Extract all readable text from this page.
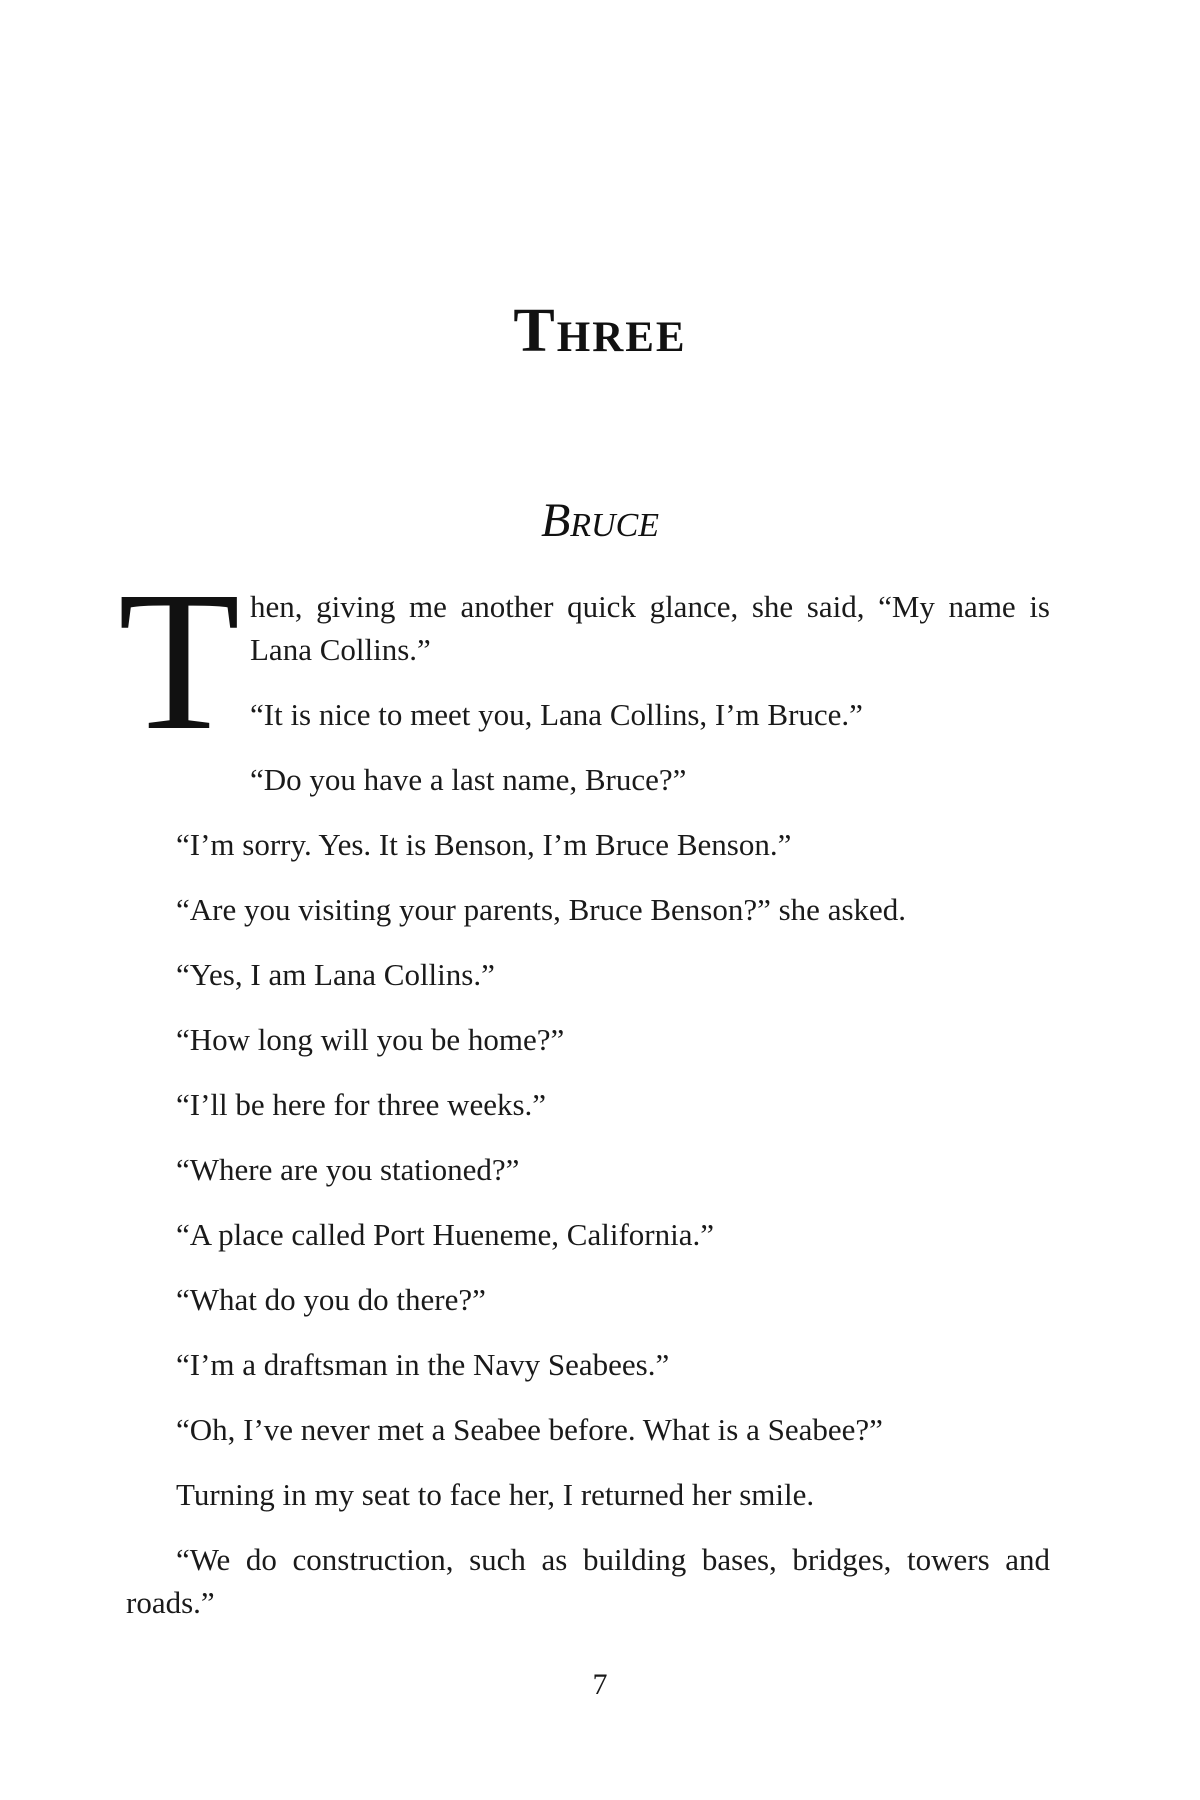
Three
Bruce
T hen, giving me another quick glance, she said, “My name is Lana Collins.”

“It is nice to meet you, Lana Collins, I’m Bruce.”

“Do you have a last name, Bruce?”

“I’m sorry. Yes. It is Benson, I’m Bruce Benson.”

“Are you visiting your parents, Bruce Benson?” she asked.

“Yes, I am Lana Collins.”

“How long will you be home?”

“I’ll be here for three weeks.”

“Where are you stationed?”

“A place called Port Hueneme, California.”

“What do you do there?”

“I’m a draftsman in the Navy Seabees.”

“Oh, I’ve never met a Seabee before. What is a Seabee?”

Turning in my seat to face her, I returned her smile.

“We do construction, such as building bases, bridges, towers and roads.”

7
